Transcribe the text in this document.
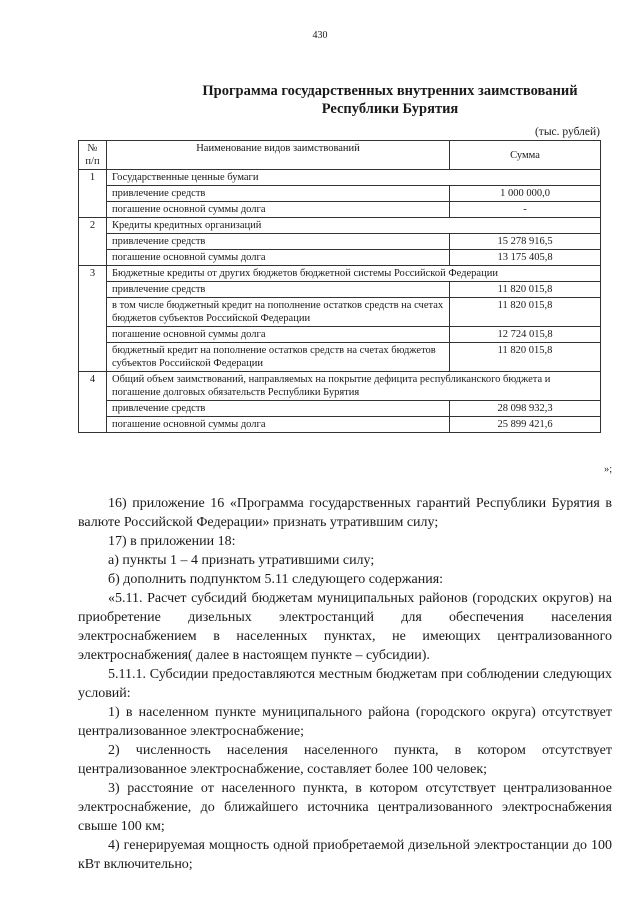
430
Программа государственных внутренних заимствований
Республики Бурятия
(тыс. рублей)
№ п/п	Наименование видов заимствований	Сумма
1	Государственные ценные бумаги	
	привлечение средств	1 000 000,0
	погашение основной суммы долга	-
2	Кредиты кредитных организаций	
	привлечение средств	15 278 916,5
	погашение основной суммы долга	13 175 405,8
3	Бюджетные кредиты от других бюджетов бюджетной системы Российской Федерации	
	привлечение средств	11 820 015,8
	в том числе бюджетный кредит на пополнение остатков средств на счетах бюджетов субъектов Российской Федерации	11 820 015,8
	погашение основной суммы долга	12 724 015,8
	бюджетный кредит на пополнение остатков средств на счетах бюджетов субъектов Российской Федерации	11 820 015,8
4	Общий объем заимствований, направляемых на покрытие дефицита республиканского бюджета и погашение долговых обязательств Республики Бурятия	
	привлечение средств	28 098 932,3
	погашение основной суммы долга	25 899 421,6
»;

16) приложение 16 «Программа государственных гарантий Республики Бурятия в валюте Российской Федерации» признать утратившим силу;

17) в приложении 18:

а) пункты 1 – 4 признать утратившими силу;

б) дополнить подпунктом 5.11 следующего содержания:

«5.11. Расчет субсидий бюджетам муниципальных районов (городских округов) на приобретение дизельных электростанций для обеспечения населения электроснабжением в населенных пунктах, не имеющих централизованного электроснабжения( далее в настоящем пункте – субсидии).

5.11.1. Субсидии предоставляются местным бюджетам при соблюдении следующих условий:

1) в населенном пункте муниципального района (городского округа) отсутствует централизованное электроснабжение;

2) численность населения населенного пункта, в котором отсутствует централизованное электроснабжение, составляет более 100 человек;

3) расстояние от населенного пункта, в котором отсутствует централизованное электроснабжение, до ближайшего источника централизованного электроснабжения свыше 100 км;

4) генерируемая мощность одной приобретаемой дизельной электростанции до 100 кВт включительно;
